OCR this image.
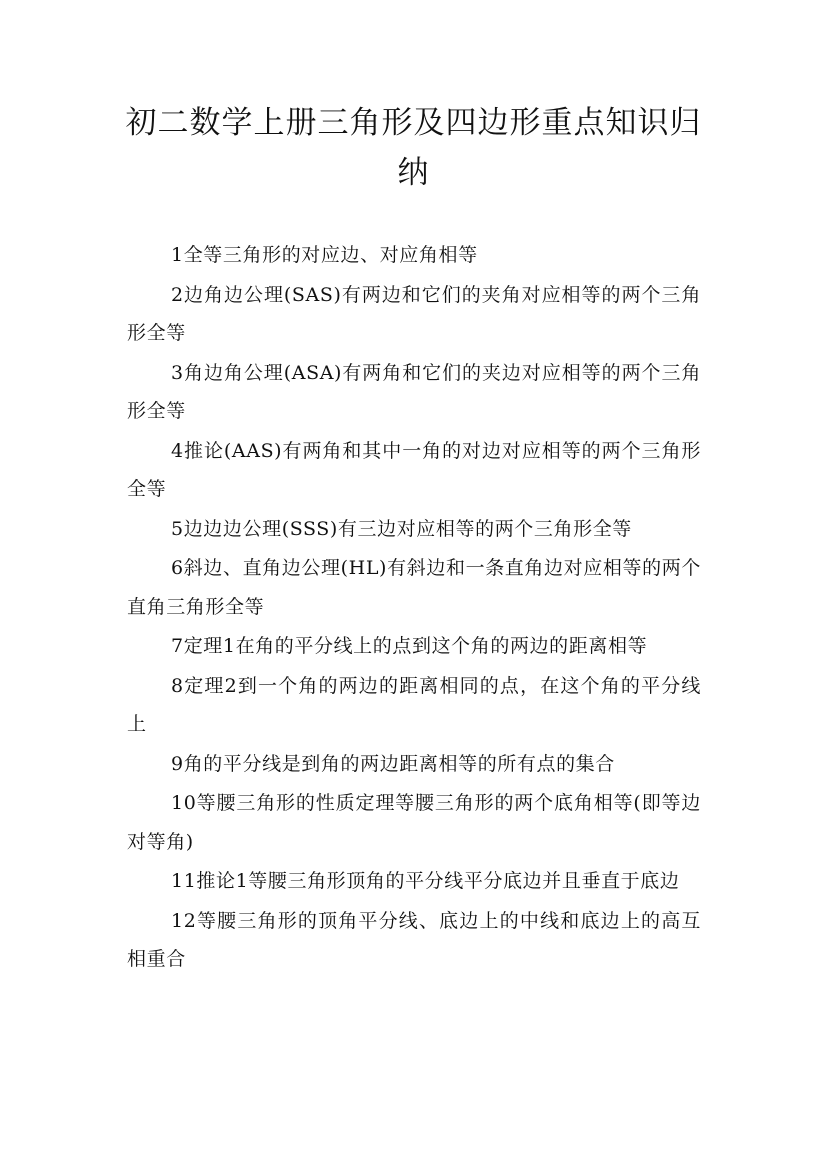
初二数学上册三角形及四边形重点知识归纳

1全等三角形的对应边、对应角相等

2边角边公理(SAS)有两边和它们的夹角对应相等的两个三角形全等

3角边角公理(ASA)有两角和它们的夹边对应相等的两个三角形全等

4推论(AAS)有两角和其中一角的对边对应相等的两个三角形全等

5边边边公理(SSS)有三边对应相等的两个三角形全等

6斜边、直角边公理(HL)有斜边和一条直角边对应相等的两个直角三角形全等

7定理1在角的平分线上的点到这个角的两边的距离相等

8定理2到一个角的两边的距离相同的点，在这个角的平分线上

9角的平分线是到角的两边距离相等的所有点的集合

10等腰三角形的性质定理等腰三角形的两个底角相等(即等边对等角)

11推论1等腰三角形顶角的平分线平分底边并且垂直于底边

12等腰三角形的顶角平分线、底边上的中线和底边上的高互相重合
